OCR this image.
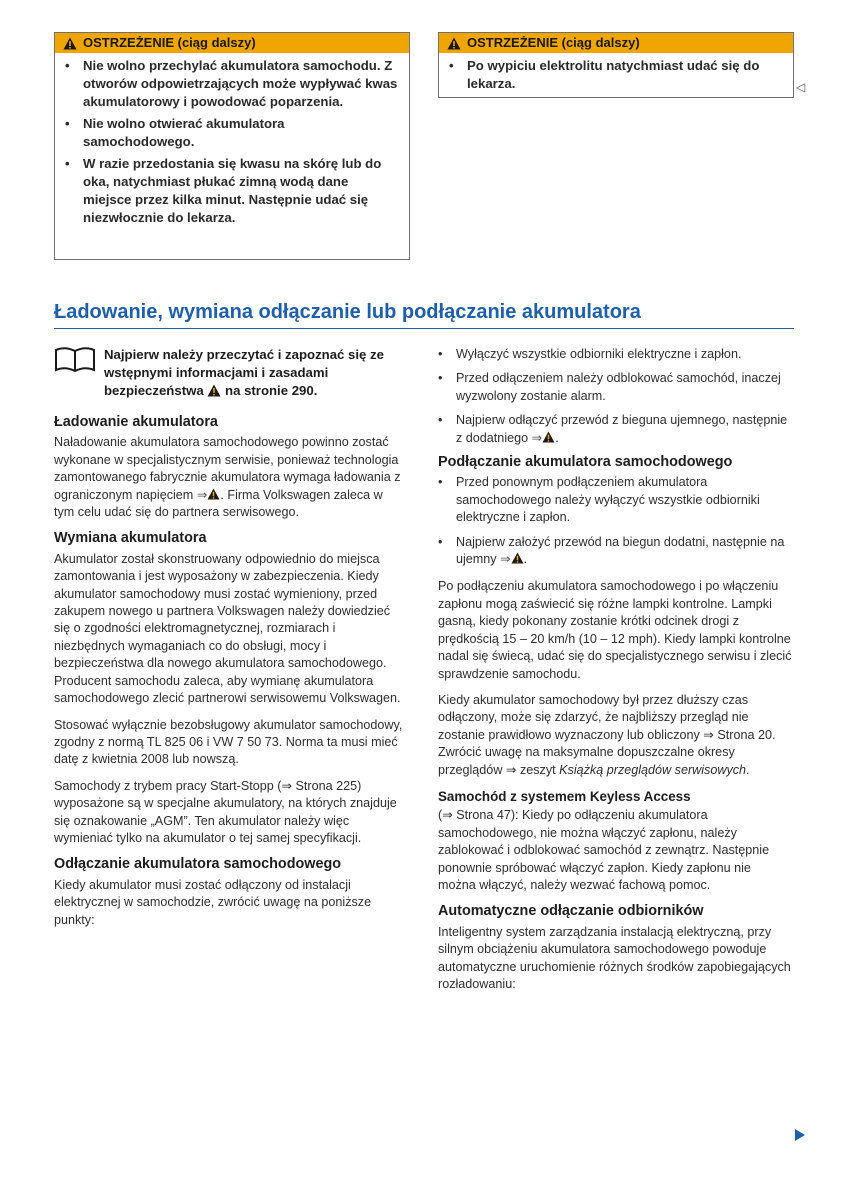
OSTRZEŻENIE (ciąg dalszy)
•	Nie wolno przechylać akumulatora samochodu. Z otworów odpowietrzających może wypływać kwas akumulatorowy i powodować poparzenia.
•	Nie wolno otwierać akumulatora samochodowego.
•	W razie przedostania się kwasu na skórę lub do oka, natychmiast płukać zimną wodą dane miejsce przez kilka minut. Następnie udać się niezwłocznie do lekarza.
OSTRZEŻENIE (ciąg dalszy)
•	Po wypiciu elektrolitu natychmiast udać się do lekarza.	◁
Ładowanie, wymiana odłączanie lub podłączanie akumulatora
Najpierw należy przeczytać i zapoznać się ze wstępnymi informacjami i zasadami bezpieczeństwa na stronie 290.
Ładowanie akumulatora

Naładowanie akumulatora samochodowego powinno zostać wykonane w specjalistycznym serwisie, ponieważ technologia zamontowanego fabrycznie akumulatora wymaga ładowania z ograniczonym napięciem ⇒ . Firma Volkswagen zaleca w tym celu udać się do partnera serwisowego.

Wymiana akumulatora

Akumulator został skonstruowany odpowiednio do miejsca zamontowania i jest wyposażony w zabezpieczenia. Kiedy akumulator samochodowy musi zostać wymieniony, przed zakupem nowego u partnera Volkswagen należy dowiedzieć się o zgodności elektromagnetycznej, rozmiarach i niezbędnych wymaganiach co do obsługi, mocy i bezpieczeństwa dla nowego akumulatora samochodowego. Producent samochodu zaleca, aby wymianę akumulatora samochodowego zlecić partnerowi serwisowemu Volkswagen.

Stosować wyłącznie bezobsługowy akumulator samochodowy, zgodny z normą TL 825 06 i VW 7 50 73. Norma ta musi mieć datę z kwietnia 2008 lub nowszą.

Samochody z trybem pracy Start-Stopp (⇒ Strona 225) wyposażone są w specjalne akumulatory, na których znajduje się oznakowanie „AGM”. Ten akumulator należy więc wymieniać tylko na akumulator o tej samej specyfikacji.

Odłączanie akumulatora samochodowego

Kiedy akumulator musi zostać odłączony od instalacji elektrycznej w samochodzie, zwrócić uwagę na poniższe punkty:

•	Wyłączyć wszystkie odbiorniki elektryczne i zapłon.
•	Przed odłączeniem należy odblokować samochód, inaczej wyzwolony zostanie alarm.
•	Najpierw odłączyć przewód z bieguna ujemnego, następnie z dodatniego ⇒ .
Podłączanie akumulatora samochodowego
•	Przed ponownym podłączeniem akumulatora samochodowego należy wyłączyć wszystkie odbiorniki elektryczne i zapłon.
•	Najpierw założyć przewód na biegun dodatni, następnie na ujemny ⇒ .

Po podłączeniu akumulatora samochodowego i po włączeniu zapłonu mogą zaświecić się różne lampki kontrolne. Lampki gasną, kiedy pokonany zostanie krótki odcinek drogi z prędkością 15 – 20 km/h (10 – 12 mph). Kiedy lampki kontrolne nadal się świecą, udać się do specjalistycznego serwisu i zlecić sprawdzenie samochodu.

Kiedy akumulator samochodowy był przez dłuższy czas odłączony, może się zdarzyć, że najbliższy przegląd nie zostanie prawidłowo wyznaczony lub obliczony ⇒ Strona 20. Zwrócić uwagę na maksymalne dopuszczalne okresy przeglądów ⇒ zeszyt Książką przeglądów serwisowych.

Samochód z systemem Keyless Access

(⇒ Strona 47): Kiedy po odłączeniu akumulatora samochodowego, nie można włączyć zapłonu, należy zablokować i odblokować samochód z zewnątrz. Następnie ponownie spróbować włączyć zapłon. Kiedy zapłonu nie można włączyć, należy wezwać fachową pomoc.

Automatyczne odłączanie odbiorników

Inteligentny system zarządzania instalacją elektryczną, przy silnym obciążeniu akumulatora samochodowego powoduje automatyczne uruchomienie różnych środków zapobiegających rozładowaniu:
